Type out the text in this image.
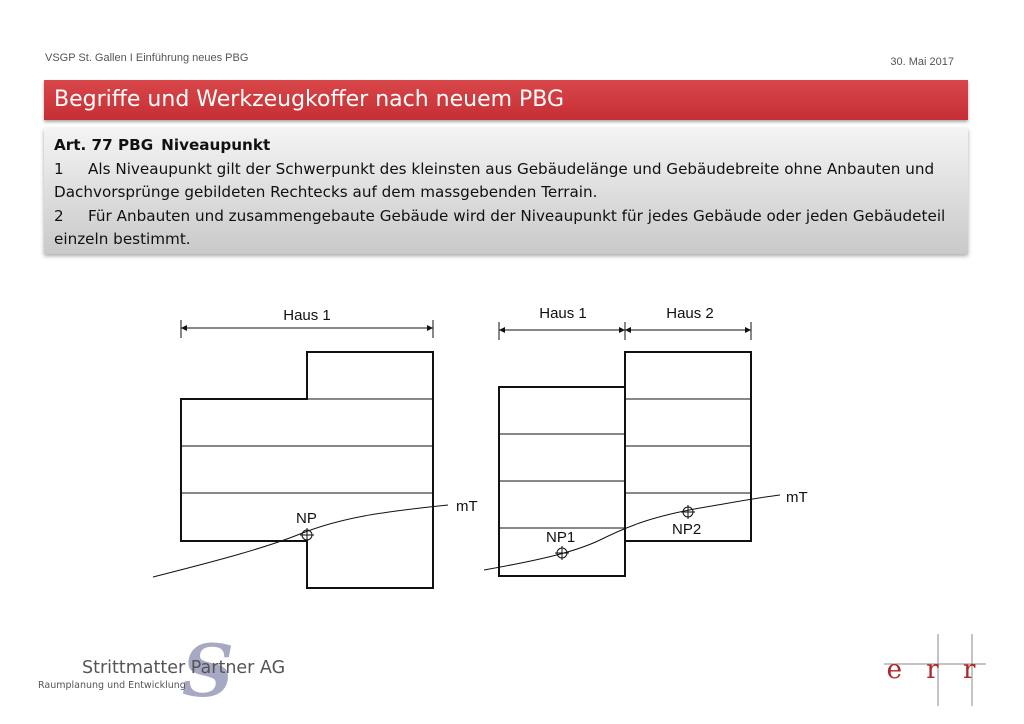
VSGP St. Gallen I Einführung neues PBG	30. Mai 2017
Begriffe und Werkzeugkoffer nach neuem PBG
Art. 77 PBG Niveaupunkt
1 Als Niveaupunkt gilt der Schwerpunkt des kleinsten aus Gebäudelänge und Gebäudebreite ohne Anbauten und Dachvorsprünge gebildeten Rechtecks auf dem massgebenden Terrain.
2 Für Anbauten und zusammengebaute Gebäude wird der Niveaupunkt für jedes Gebäude oder jeden Gebäudeteil einzeln bestimmt.
Haus 1
NP
mT
Haus 1	Haus 2
NP1	NP2
mT
S
Strittmatter Partner AG
Raumplanung und Entwicklung
e r r
